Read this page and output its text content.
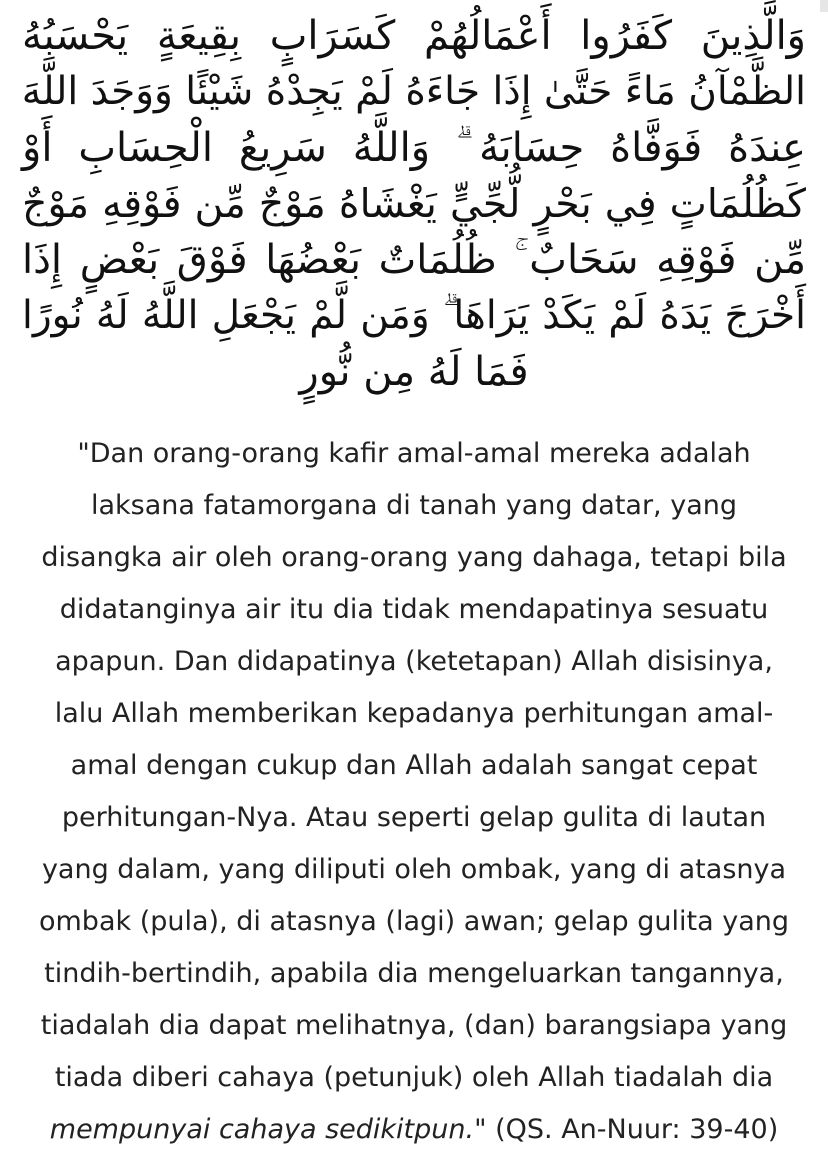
وَالَّذِينَ كَفَرُوا أَعْمَالُهُمْ كَسَرَابٍ بِقِيعَةٍ يَحْسَبُهُ
الظَّمْآنُ مَاءً حَتَّىٰ إِذَا جَاءَهُ لَمْ يَجِدْهُ شَيْئًا وَوَجَدَ اللَّهَ
عِندَهُ فَوَفَّاهُ حِسَابَهُ ۗ وَاللَّهُ سَرِيعُ الْحِسَابِ أَوْ
كَظُلُمَاتٍ فِي بَحْرٍ لُّجِّيٍّ يَغْشَاهُ مَوْجٌ مِّن فَوْقِهِ مَوْجٌ
مِّن فَوْقِهِ سَحَابٌ ۚ ظُلُمَاتٌ بَعْضُهَا فَوْقَ بَعْضٍ إِذَا
أَخْرَجَ يَدَهُ لَمْ يَكَدْ يَرَاهَا ۗ وَمَن لَّمْ يَجْعَلِ اللَّهُ لَهُ نُورًا
فَمَا لَهُ مِن نُّورٍ
"Dan orang-orang kafir amal-amal mereka adalah
laksana fatamorgana di tanah yang datar, yang
disangka air oleh orang-orang yang dahaga, tetapi bila
didatanginya air itu dia tidak mendapatinya sesuatu
apapun. Dan didapatinya (ketetapan) Allah disisinya,
lalu Allah memberikan kepadanya perhitungan amal-
amal dengan cukup dan Allah adalah sangat cepat
perhitungan-Nya. Atau seperti gelap gulita di lautan
yang dalam, yang diliputi oleh ombak, yang di atasnya
ombak (pula), di atasnya (lagi) awan; gelap gulita yang
tindih-bertindih, apabila dia mengeluarkan tangannya,
tiadalah dia dapat melihatnya, (dan) barangsiapa yang
tiada diberi cahaya (petunjuk) oleh Allah tiadalah dia
mempunyai cahaya sedikitpun." (QS. An-Nuur: 39-40)
